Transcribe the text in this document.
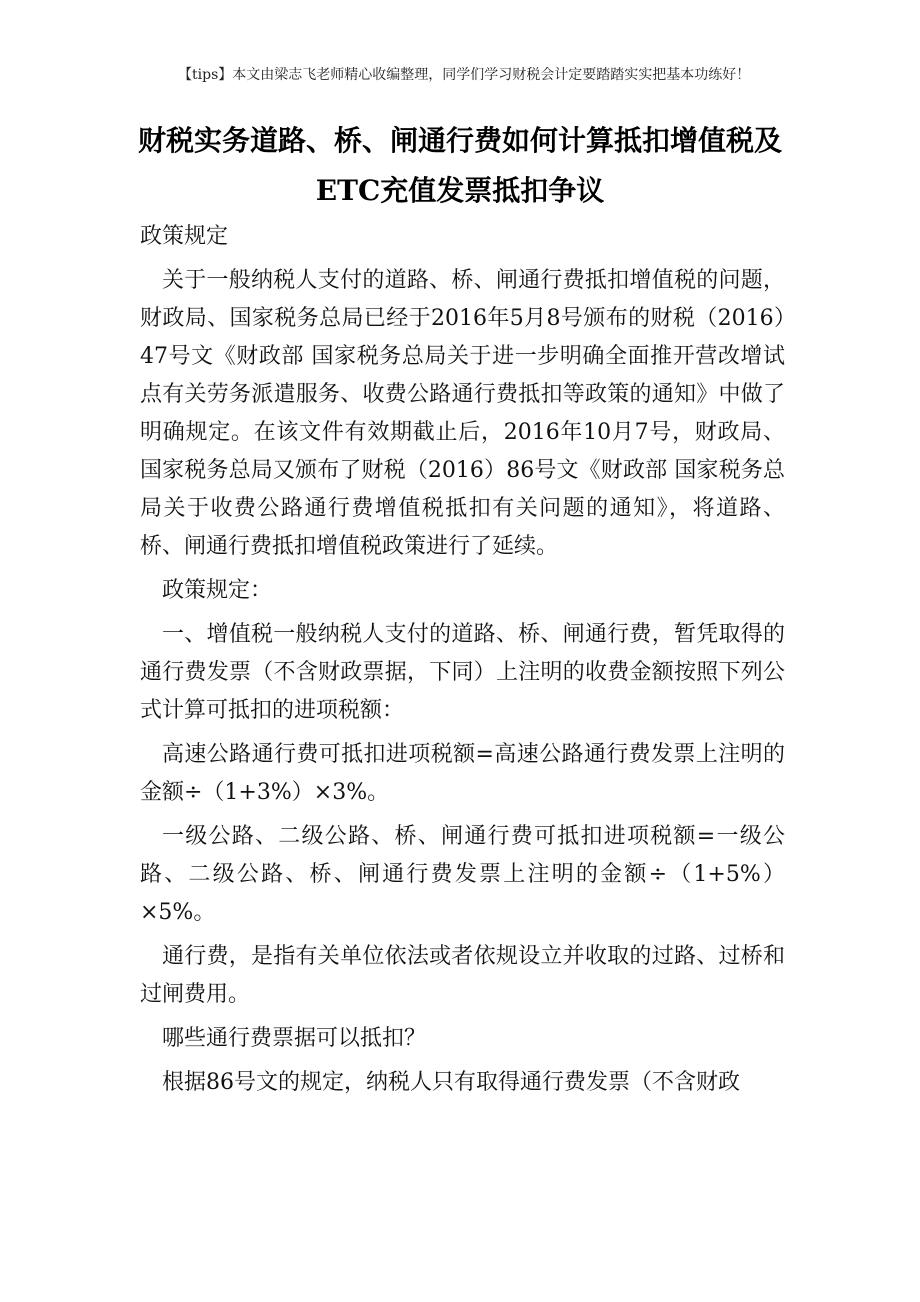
【tips】本文由梁志飞老师精心收编整理，同学们学习财税会计定要踏踏实实把基本功练好！
财税实务道路、桥、闸通行费如何计算抵扣增值税及ETC充值发票抵扣争议

政策规定

关于一般纳税人支付的道路、桥、闸通行费抵扣增值税的问题，财政局、国家税务总局已经于2016年5月8号颁布的财税（2016）47号文《财政部 国家税务总局关于进一步明确全面推开营改增试点有关劳务派遣服务、收费公路通行费抵扣等政策的通知》中做了明确规定。在该文件有效期截止后，2016年10月7号，财政局、国家税务总局又颁布了财税（2016）86号文《财政部 国家税务总局关于收费公路通行费增值税抵扣有关问题的通知》，将道路、桥、闸通行费抵扣增值税政策进行了延续。

政策规定：

一、增值税一般纳税人支付的道路、桥、闸通行费，暂凭取得的通行费发票（不含财政票据，下同）上注明的收费金额按照下列公式计算可抵扣的进项税额：

高速公路通行费可抵扣进项税额=高速公路通行费发票上注明的金额÷（1+3%）×3%。

一级公路、二级公路、桥、闸通行费可抵扣进项税额=一级公路、二级公路、桥、闸通行费发票上注明的金额÷（1+5%）×5%。

通行费，是指有关单位依法或者依规设立并收取的过路、过桥和过闸费用。

哪些通行费票据可以抵扣？

根据86号文的规定，纳税人只有取得通行费发票（不含财政
